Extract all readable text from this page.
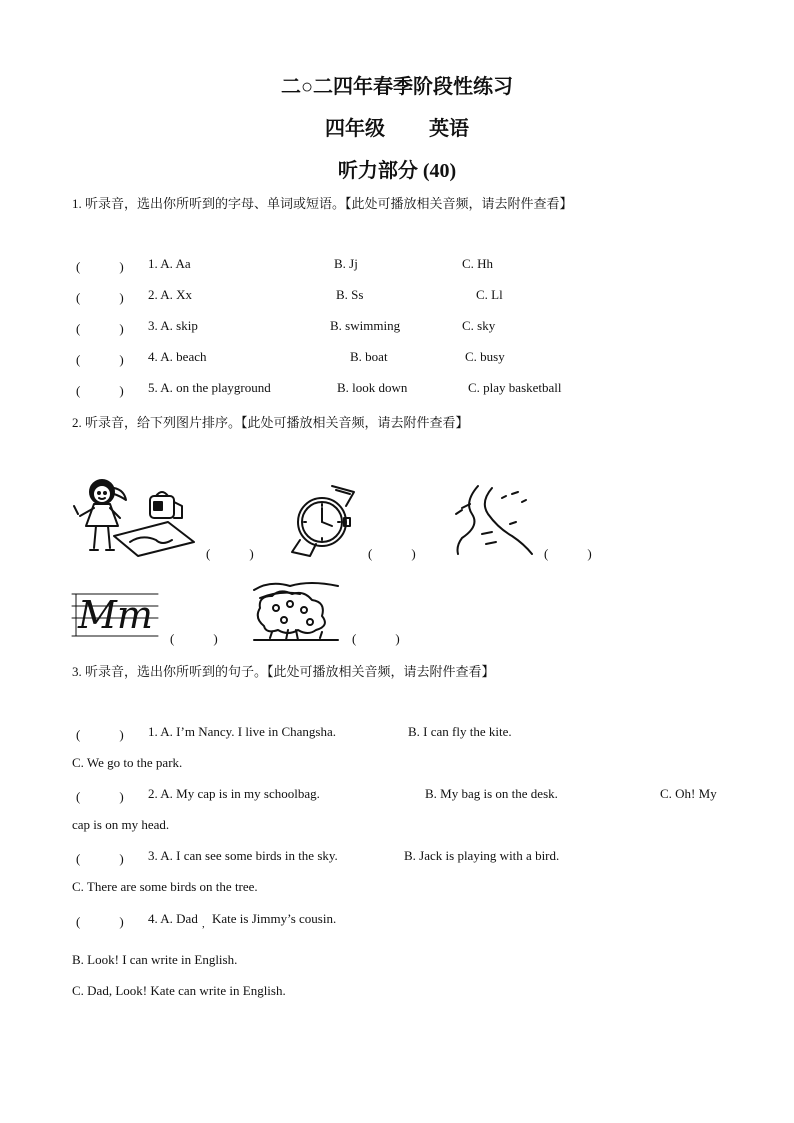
二○二四年春季阶段性练习
四年级 英语
听力部分 (40)
1. 听录音，选出你所听到的字母、单词或短语。【此处可播放相关音频，请去附件查看】
(　　　) 1. A. Aa	B. Jj	C. Hh
(　　　) 2. A. Xx	B. Ss	C. Ll
(　　　) 3. A. skip	B. swimming	C. sky
(　　　) 4. A. beach	B. boat	C. busy
(　　　) 5. A. on the playground	B. look down	C. play basketball
2. 听录音，给下列图片排序。【此处可播放相关音频，请去附件查看】
(　　　)	(　　　)	(　　　)
Mm
(　　　)	(　　　)
3. 听录音，选出你所听到的句子。【此处可播放相关音频，请去附件查看】
(　　　) 1. A. I’m Nancy. I live in Changsha.	B. I can fly the kite.
C. We go to the park.
(　　　) 2. A. My cap is in my schoolbag.	B. My bag is on the desk.	C. Oh! My
cap is on my head.
(　　　) 3. A. I can see some birds in the sky.	B. Jack is playing with a bird.
C. There are some birds on the tree.
(　　　) 4. A. Dad , Kate is Jimmy’s cousin.
B. Look! I can write in English.
C. Dad, Look! Kate can write in English.
